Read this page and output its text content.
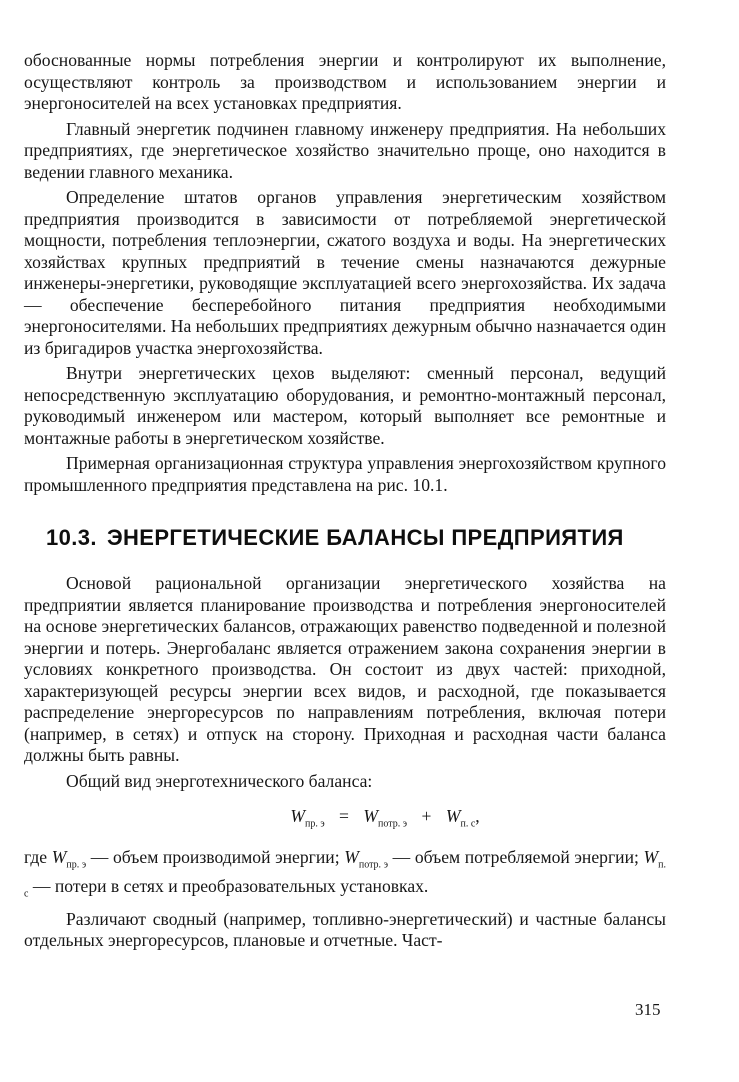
обоснованные нормы потребления энергии и контролируют их выполнение, осуществляют контроль за производством и использованием энергии и энергоносителей на всех установках предприятия.

Главный энергетик подчинен главному инженеру предприятия. На небольших предприятиях, где энергетическое хозяйство значительно проще, оно находится в ведении главного механика.

Определение штатов органов управления энергетическим хозяйством предприятия производится в зависимости от потребляемой энергетической мощности, потребления теплоэнергии, сжатого воздуха и воды. На энергетических хозяйствах крупных предприятий в течение смены назначаются дежурные инженеры-энергетики, руководящие эксплуатацией всего энергохозяйства. Их задача — обеспечение бесперебойного питания предприятия необходимыми энергоносителями. На небольших предприятиях дежурным обычно назначается один из бригадиров участка энергохозяйства.

Внутри энергетических цехов выделяют: сменный персонал, ведущий непосредственную эксплуатацию оборудования, и ремонтно-монтажный персонал, руководимый инженером или мастером, который выполняет все ремонтные и монтажные работы в энергетическом хозяйстве.

Примерная организационная структура управления энергохозяйством крупного промышленного предприятия представлена на рис. 10.1.

10.3. ЭНЕРГЕТИЧЕСКИЕ БАЛАНСЫ ПРЕДПРИЯТИЯ

Основой рациональной организации энергетического хозяйства на предприятии является планирование производства и потребления энергоносителей на основе энергетических балансов, отражающих равенство подведенной и полезной энергии и потерь. Энергобаланс является отражением закона сохранения энергии в условиях конкретного производства. Он состоит из двух частей: приходной, характеризующей ресурсы энергии всех видов, и расходной, где показывается распределение энергоресурсов по направлениям потребления, включая потери (например, в сетях) и отпуск на сторону. Приходная и расходная части баланса должны быть равны.

Общий вид энерготехнического баланса:

$W_{пр. э} = W_{потр. э} + W_{п. с}$,

где $W_{пр. э}$ — объем производимой энергии; $W_{потр. э}$ — объем потребляемой энергии; $W_{п. с}$ — потери в сетях и преобразовательных установках.

Различают сводный (например, топливно-энергетический) и частные балансы отдельных энергоресурсов, плановые и отчетные. Част-

315
